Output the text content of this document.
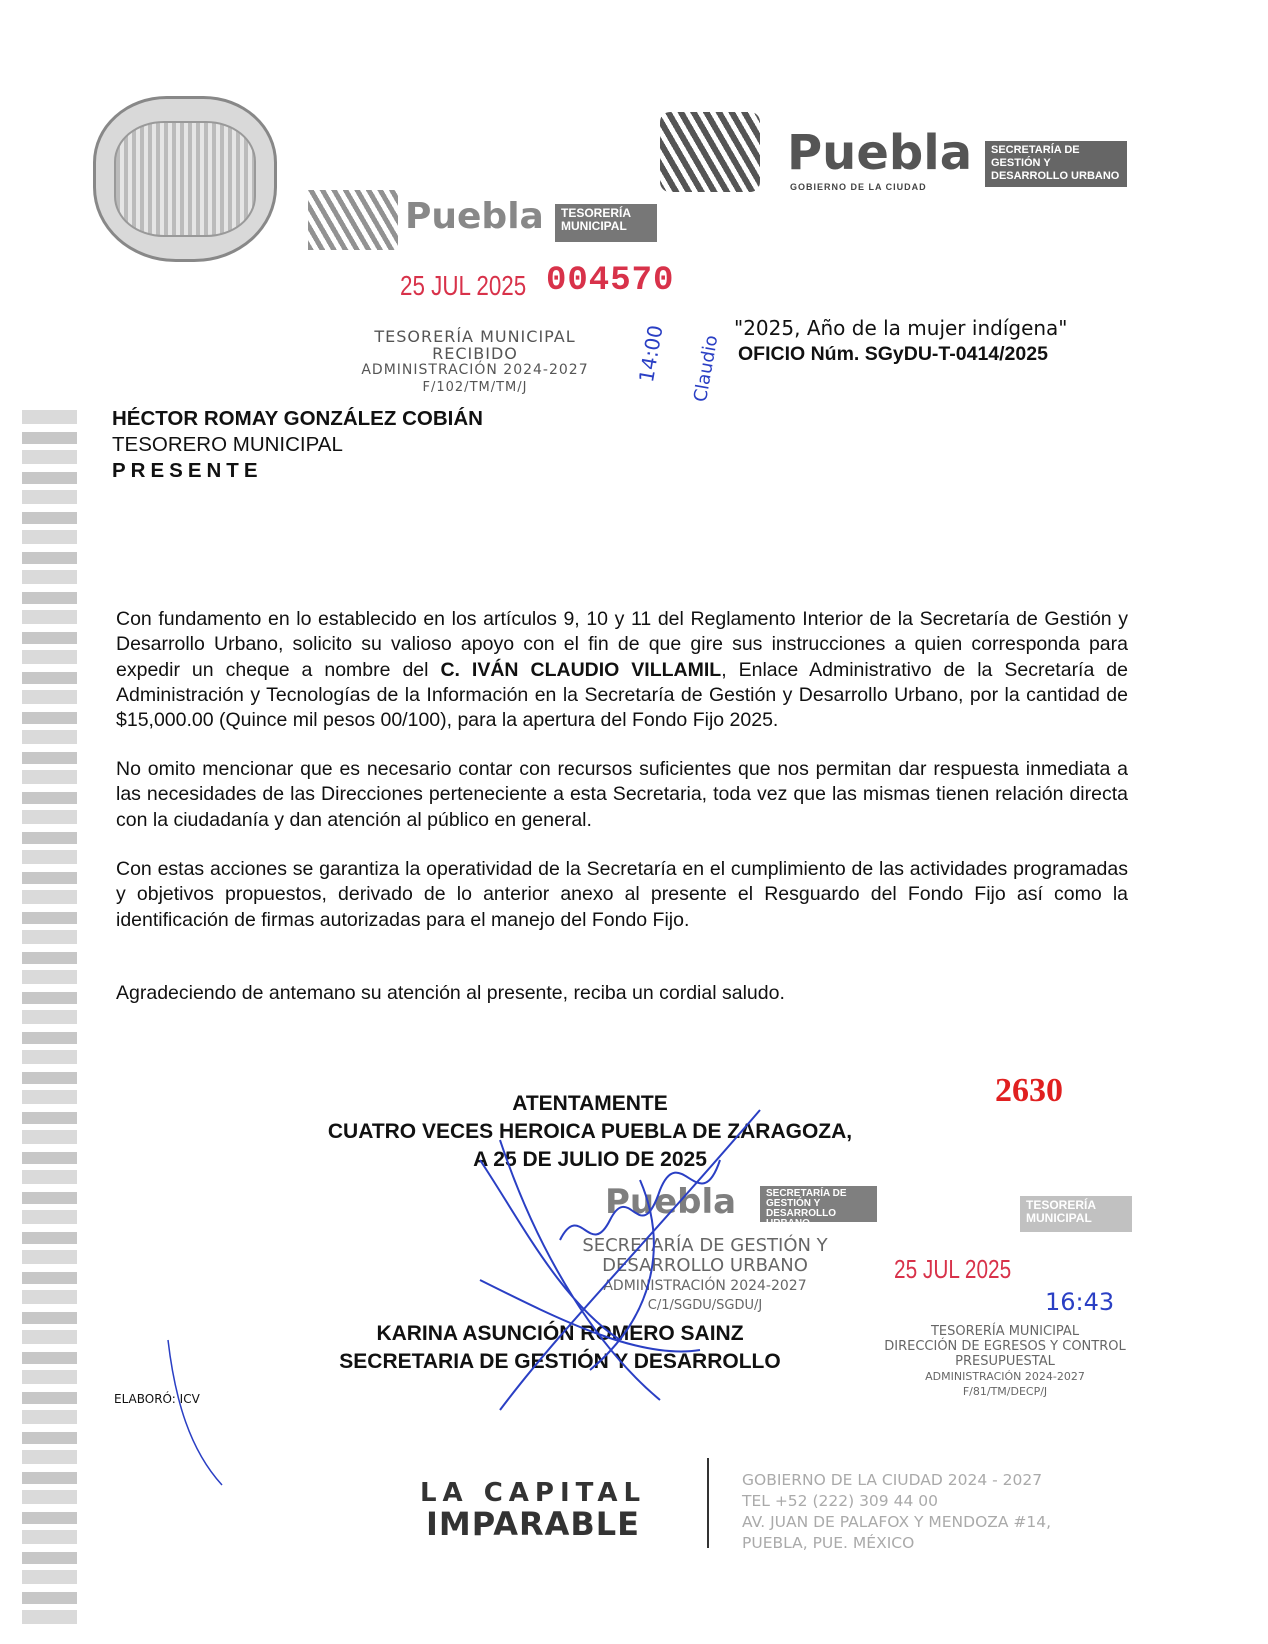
Puebla
GOBIERNO DE LA CIUDAD
SECRETARÍA DE GESTIÓN Y DESARROLLO URBANO
Puebla	TESORERÍA MUNICIPAL
25 JUL 2025 004570
TESORERÍA MUNICIPAL
RECIBIDO
ADMINISTRACIÓN 2024-2027
F/102/TM/TM/J
14:00 Claudio
"2025, Año de la mujer indígena"
OFICIO Núm. SGyDU-T-0414/2025
HÉCTOR ROMAY GONZÁLEZ COBIÁN
TESORERO MUNICIPAL
PRESENTE
Con fundamento en lo establecido en los artículos 9, 10 y 11 del Reglamento Interior de la Secretaría de Gestión y Desarrollo Urbano, solicito su valioso apoyo con el fin de que gire sus instrucciones a quien corresponda para expedir un cheque a nombre del C. IVÁN CLAUDIO VILLAMIL, Enlace Administrativo de la Secretaría de Administración y Tecnologías de la Información en la Secretaría de Gestión y Desarrollo Urbano, por la cantidad de $15,000.00 (Quince mil pesos 00/100), para la apertura del Fondo Fijo 2025.
No omito mencionar que es necesario contar con recursos suficientes que nos permitan dar respuesta inmediata a las necesidades de las Direcciones perteneciente a esta Secretaria, toda vez que las mismas tienen relación directa con la ciudadanía y dan atención al público en general.
Con estas acciones se garantiza la operatividad de la Secretaría en el cumplimiento de las actividades programadas y objetivos propuestos, derivado de lo anterior anexo al presente el Resguardo del Fondo Fijo así como la identificación de firmas autorizadas para el manejo del Fondo Fijo.
Agradeciendo de antemano su atención al presente, reciba un cordial saludo.
ATENTAMENTE
CUATRO VECES HEROICA PUEBLA DE ZARAGOZA,
A 25 DE JULIO DE 2025
2630
Puebla	SECRETARÍA DE GESTIÓN Y DESARROLLO URBANO
TESORERÍA MUNICIPAL
SECRETARÍA DE GESTIÓN Y
DESARROLLO URBANO
ADMINISTRACIÓN 2024-2027
C/1/SGDU/SGDU/J
KARINA ASUNCIÓN ROMERO SAINZ
SECRETARIA DE GESTIÓN Y DESARROLLO
25 JUL 2025
16:43
TESORERÍA MUNICIPAL
DIRECCIÓN DE EGRESOS Y CONTROL
PRESUPUESTAL
ADMINISTRACIÓN 2024-2027
F/81/TM/DECP/J
ELABORÓ: ICV
LA CAPITAL
IMPARABLE
GOBIERNO DE LA CIUDAD 2024 - 2027
TEL +52 (222) 309 44 00
AV. JUAN DE PALAFOX Y MENDOZA #14,
PUEBLA, PUE. MÉXICO
